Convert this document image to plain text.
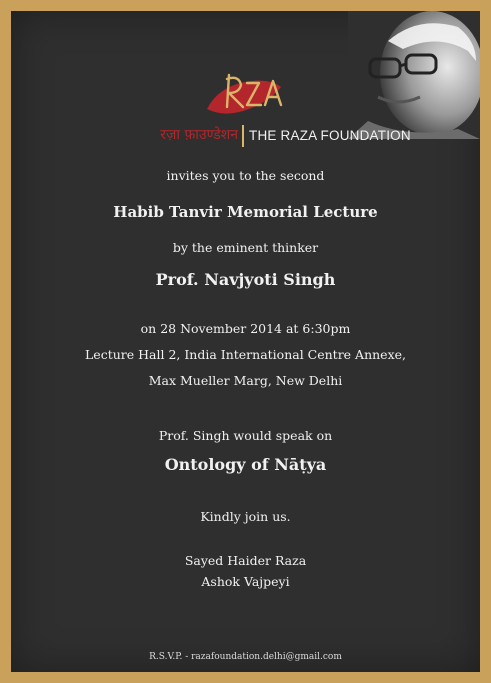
रज़ा फ़ाउण्डेशन THE RAZA FOUNDATION
invites you to the second
Habib Tanvir Memorial Lecture
by the eminent thinker
Prof. Navjyoti Singh
on 28 November 2014 at 6:30pm
Lecture Hall 2, India International Centre Annexe,
Max Mueller Marg, New Delhi
Prof. Singh would speak on
Ontology of Nāṭya
Kindly join us.
Sayed Haider Raza
Ashok Vajpeyi
R.S.V.P. - razafoundation.delhi@gmail.com
